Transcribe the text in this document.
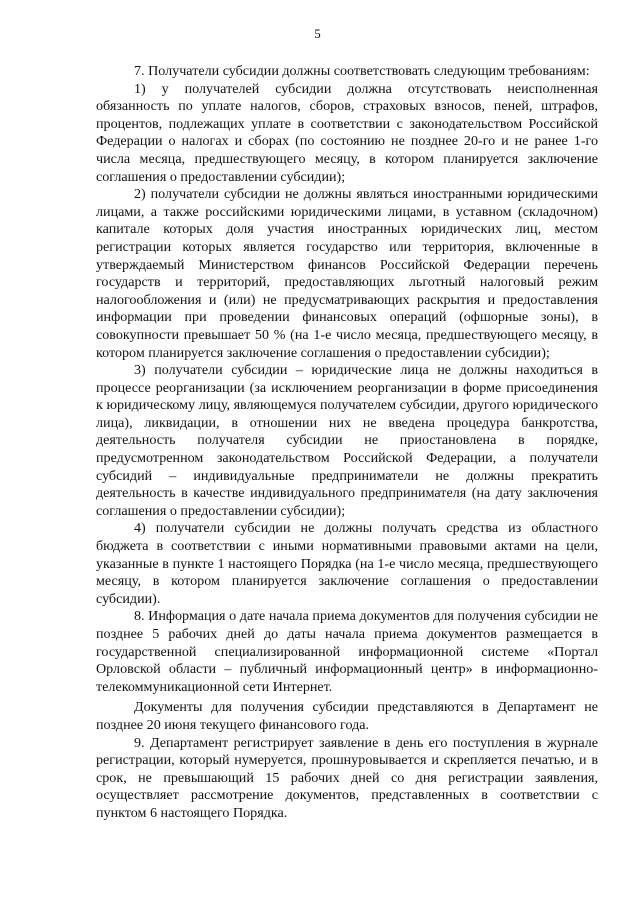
5

7. Получатели субсидии должны соответствовать следующим требованиям:

1) у получателей субсидии должна отсутствовать неисполненная обязанность по уплате налогов, сборов, страховых взносов, пеней, штрафов, процентов, подлежащих уплате в соответствии с законодательством Российской Федерации о налогах и сборах (по состоянию не позднее 20-го и не ранее 1-го числа месяца, предшествующего месяцу, в котором планируется заключение соглашения о предоставлении субсидии);

2) получатели субсидии не должны являться иностранными юридическими лицами, а также российскими юридическими лицами, в уставном (складочном) капитале которых доля участия иностранных юридических лиц, местом регистрации которых является государство или территория, включенные в утверждаемый Министерством финансов Российской Федерации перечень государств и территорий, предоставляющих льготный налоговый режим налогообложения и (или) не предусматривающих раскрытия и предоставления информации при проведении финансовых операций (офшорные зоны), в совокупности превышает 50 % (на 1-е число месяца, предшествующего месяцу, в котором планируется заключение соглашения о предоставлении субсидии);

3) получатели субсидии – юридические лица не должны находиться в процессе реорганизации (за исключением реорганизации в форме присоединения к юридическому лицу, являющемуся получателем субсидии, другого юридического лица), ликвидации, в отношении них не введена процедура банкротства, деятельность получателя субсидии не приостановлена в порядке, предусмотренном законодательством Российской Федерации, а получатели субсидий – индивидуальные предприниматели не должны прекратить деятельность в качестве индивидуального предпринимателя (на дату заключения соглашения о предоставлении субсидии);

4) получатели субсидии не должны получать средства из областного бюджета в соответствии с иными нормативными правовыми актами на цели, указанные в пункте 1 настоящего Порядка (на 1-е число месяца, предшествующего месяцу, в котором планируется заключение соглашения о предоставлении субсидии).

8. Информация о дате начала приема документов для получения субсидии не позднее 5 рабочих дней до даты начала приема документов размещается в государственной специализированной информационной системе «Портал Орловской области – публичный информационный центр» в информационно-телекоммуникационной сети Интернет.

Документы для получения субсидии представляются в Департамент не позднее 20 июня текущего финансового года.

9. Департамент регистрирует заявление в день его поступления в журнале регистрации, который нумеруется, прошнуровывается и скрепляется печатью, и в срок, не превышающий 15 рабочих дней со дня регистрации заявления, осуществляет рассмотрение документов, представленных в соответствии с пунктом 6 настоящего Порядка.
